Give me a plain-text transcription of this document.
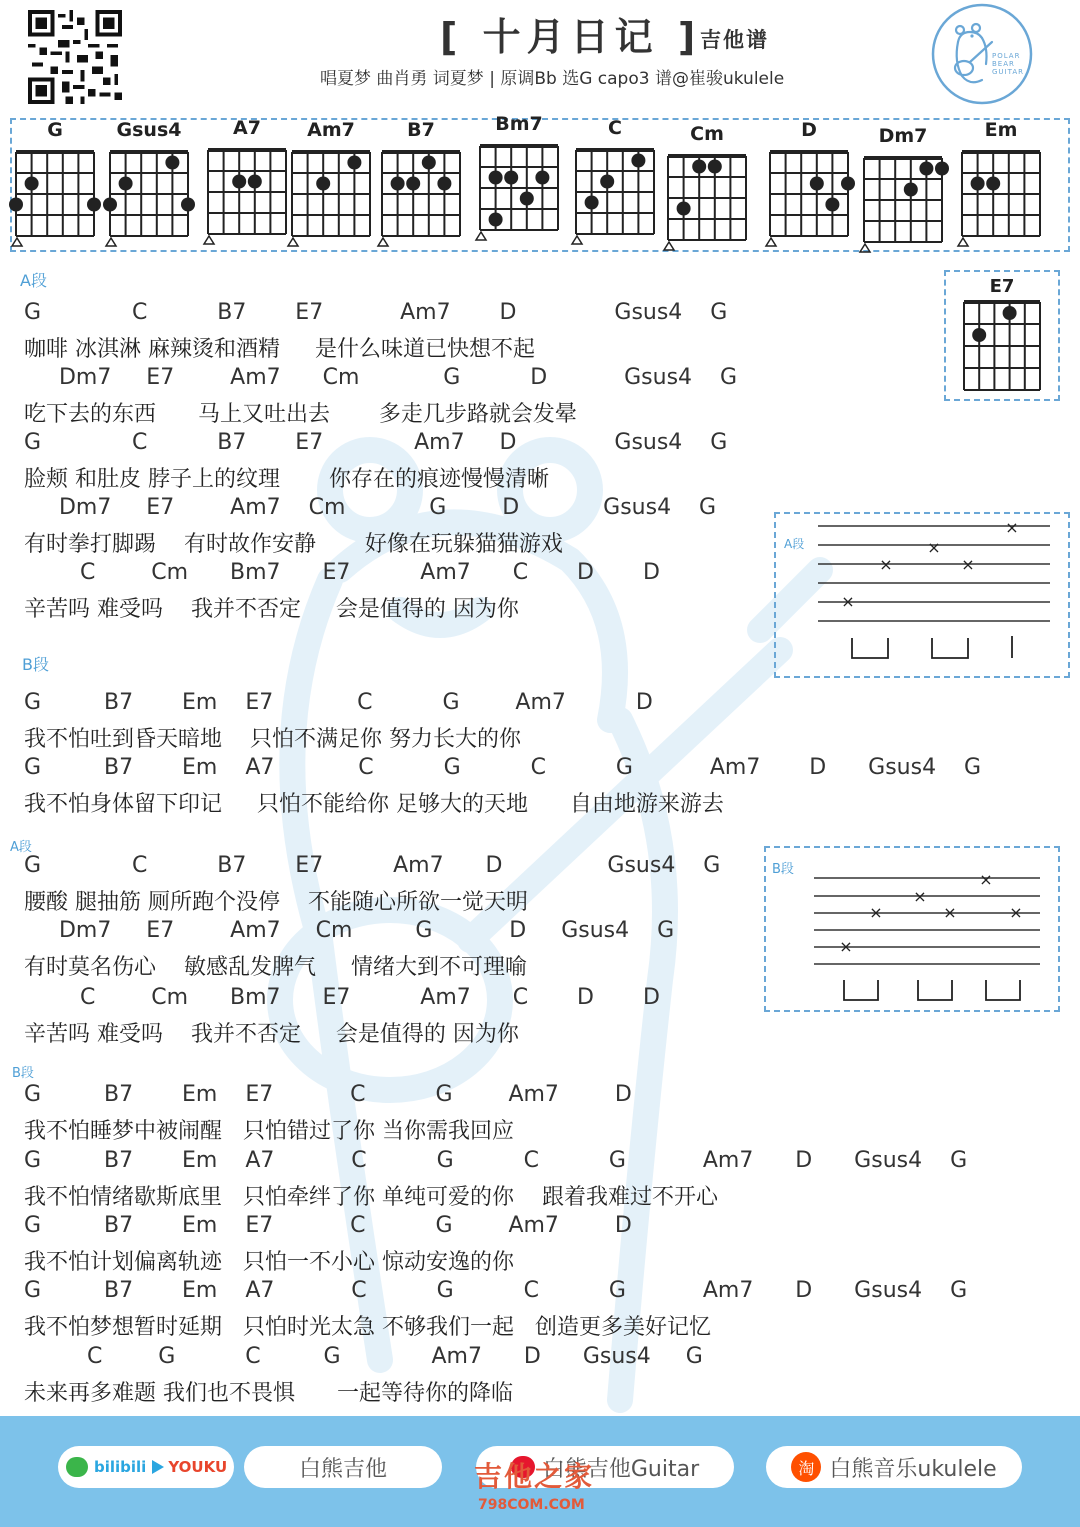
[ 十月日记 ]
吉他谱
唱夏梦 曲肖勇 词夏梦 | 原调Bb 选G capo3 谱@崔骏ukulele
POLAR
BEAR
GUITAR
G	Gsus4	A7 Am7	B7	Bm7	C	Cm	D	Dm7	Em
E7
A段
×
×
×
×
×
B段
×
×
×
×
×
×
A段
B段
A段
B段
G             C          B7       E7           Am7       D              Gsus4    G
咖啡 冰淇淋 麻辣烫和酒精     是什么味道已快想不起
Dm7     E7        Am7      Cm            G          D           Gsus4    G
吃下去的东西      马上又吐出去       多走几步路就会发晕
G             C          B7       E7             Am7     D              Gsus4    G
脸颊 和肚皮 脖子上的纹理       你存在的痕迹慢慢清晰
Dm7     E7        Am7    Cm            G        D            Gsus4    G
有时拳打脚踢    有时故作安静       好像在玩躲猫猫游戏
C        Cm      Bm7      E7          Am7      C       D       D
辛苦吗 难受吗    我并不否定     会是值得的 因为你
G         B7       Em    E7            C          G        Am7          D
我不怕吐到昏天暗地    只怕不满足你 努力长大的你
G         B7       Em    A7            C          G          C          G           Am7       D      Gsus4    G
我不怕身体留下印记     只怕不能给你 足够大的天地      自由地游来游去
G             C          B7       E7          Am7      D               Gsus4    G
腰酸 腿抽筋 厕所跑个没停    不能随心所欲一觉天明
Dm7     E7        Am7     Cm         G           D     Gsus4    G
有时莫名伤心    敏感乱发脾气     情绪大到不可理喻
C        Cm      Bm7      E7          Am7      C       D       D
辛苦吗 难受吗    我并不否定     会是值得的 因为你
G         B7       Em    E7           C          G        Am7        D
我不怕睡梦中被闹醒   只怕错过了你 当你需我回应
G         B7       Em    A7           C          G          C          G           Am7      D      Gsus4    G
我不怕情绪歇斯底里   只怕牵绊了你 单纯可爱的你    跟着我难过不开心
G         B7       Em    E7           C          G        Am7        D
我不怕计划偏离轨迹   只怕一不小心 惊动安逸的你
G         B7       Em    A7           C          G          C          G           Am7      D      Gsus4    G
我不怕梦想暂时延期   只怕时光太急 不够我们一起   创造更多美好记忆
C        G          C         G             Am7      D      Gsus4     G
未来再多难题 我们也不畏惧      一起等待你的降临
bilibili YOUKU	白熊吉他	白熊吉他Guitar	淘 白熊音乐ukulele
吉他之家
798COM.COM
